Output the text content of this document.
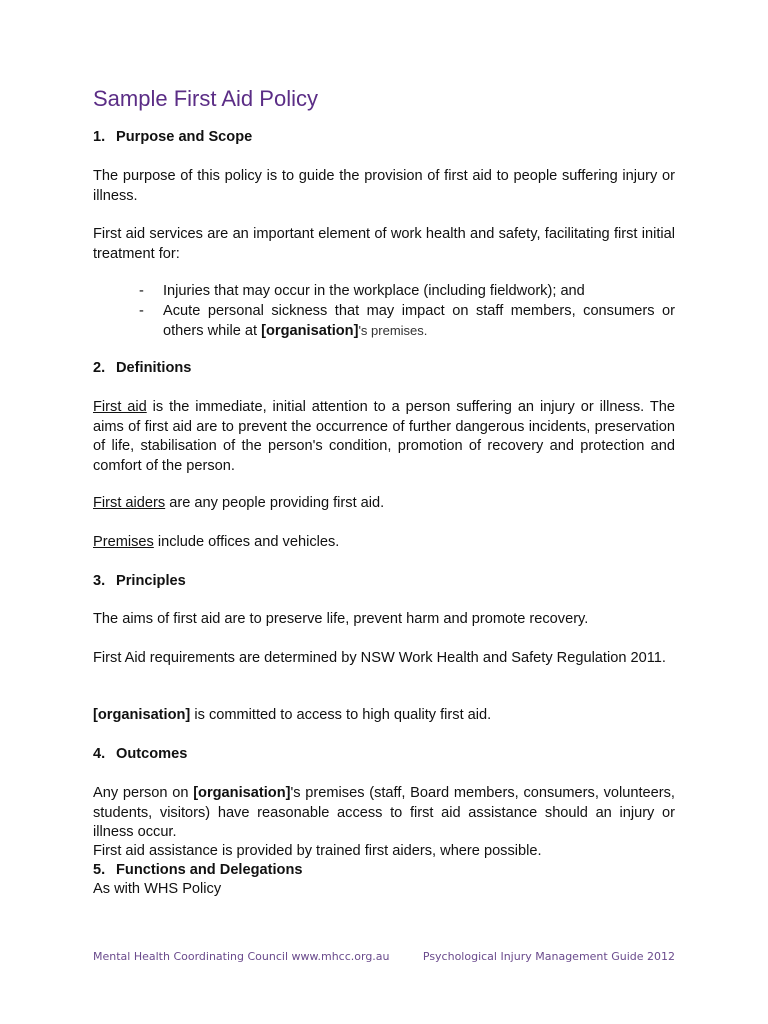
Sample First Aid Policy
1. Purpose and Scope
The purpose of this policy is to guide the provision of first aid to people suffering injury or illness.
First aid services are an important element of work health and safety, facilitating first initial treatment for:
-	Injuries that may occur in the workplace (including fieldwork); and
-	Acute personal sickness that may impact on staff members, consumers or others while at [organisation]'s premises.
2. Definitions
First aid is the immediate, initial attention to a person suffering an injury or illness. The aims of first aid are to prevent the occurrence of further dangerous incidents, preservation of life, stabilisation of the person's condition, promotion of recovery and protection and comfort of the person.
First aiders are any people providing first aid.
Premises include offices and vehicles.
3. Principles
The aims of first aid are to preserve life, prevent harm and promote recovery.
First Aid requirements are determined by NSW Work Health and Safety Regulation 2011.
[organisation] is committed to access to high quality first aid.
4. Outcomes
Any person on [organisation]'s premises (staff, Board members, consumers, volunteers, students, visitors) have reasonable access to first aid assistance should an injury or illness occur.
First aid assistance is provided by trained first aiders, where possible.
5. Functions and Delegations
As with WHS Policy
Mental Health Coordinating Council www.mhcc.org.au	Psychological Injury Management Guide 2012
